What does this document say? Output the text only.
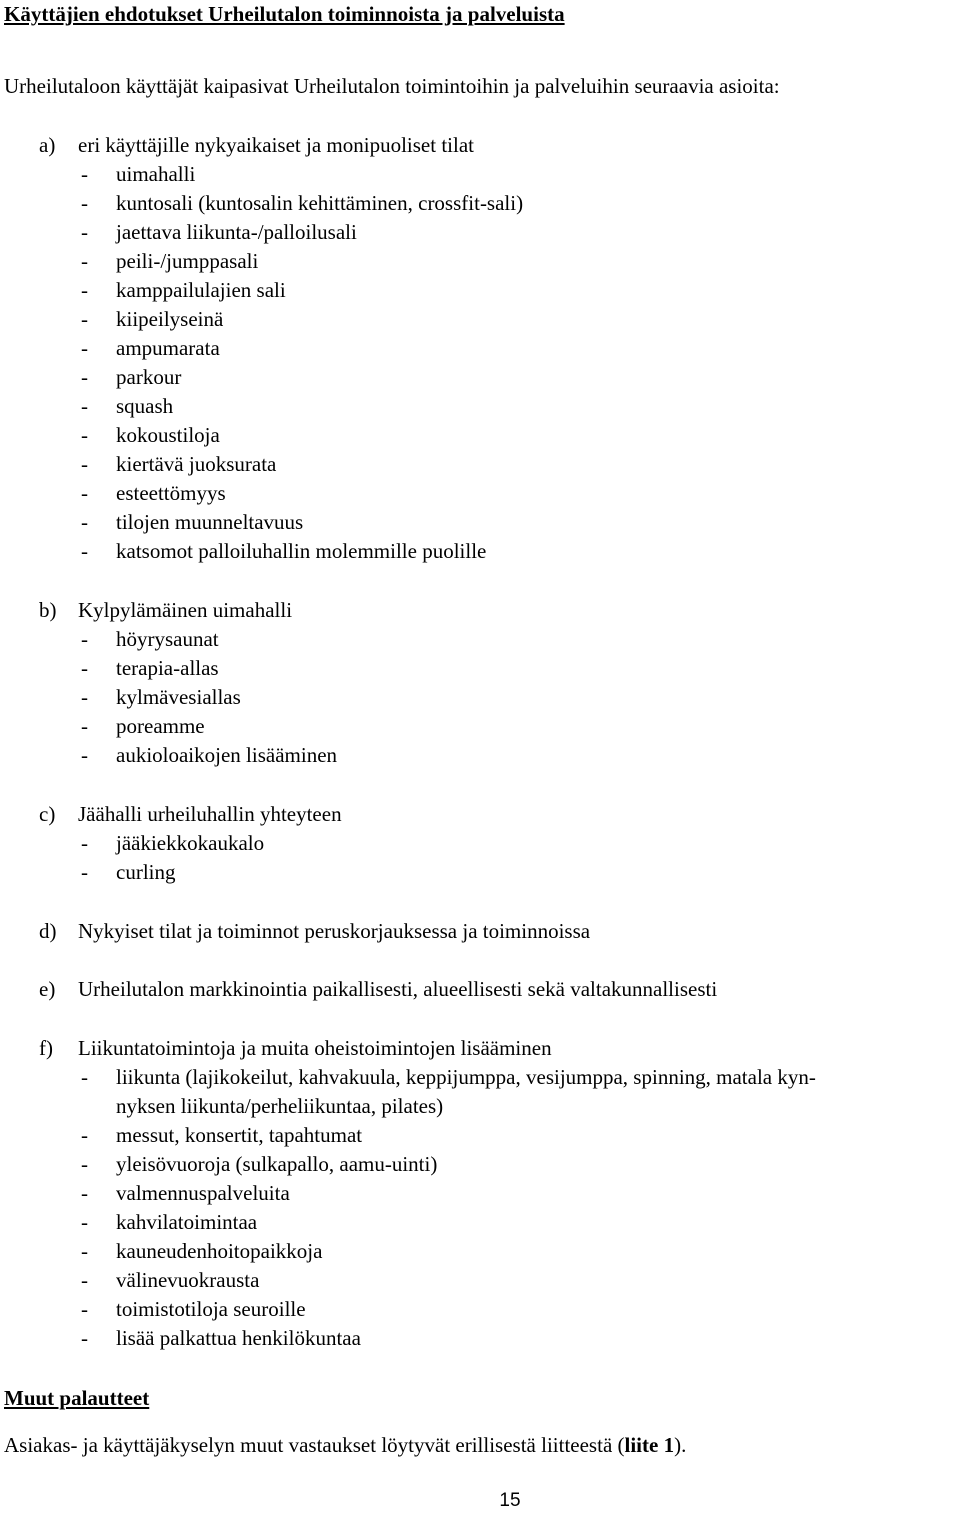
Käyttäjien ehdotukset Urheilutalon toiminnoista ja palveluista
Urheilutaloon käyttäjät kaipasivat Urheilutalon toimintoihin ja palveluihin seuraavia asioita:
a) eri käyttäjille nykyaikaiset ja monipuoliset tilat
- uimahalli
- kuntosali (kuntosalin kehittäminen, crossfit-sali)
- jaettava liikunta-/palloilusali
- peili-/jumppasali
- kamppailulajien sali
- kiipeilyseinä
- ampumarata
- parkour
- squash
- kokoustiloja
- kiertävä juoksurata
- esteettömyys
- tilojen muunneltavuus
- katsomot palloiluhallin molemmille puolille
b) Kylpylämäinen uimahalli
- höyrysaunat
- terapia-allas
- kylmävesiallas
- poreamme
- aukioloaikojen lisääminen
c) Jäähalli urheiluhallin yhteyteen
- jääkiekkokaukalo
- curling
d) Nykyiset tilat ja toiminnot peruskorjauksessa ja toiminnoissa
e) Urheilutalon markkinointia paikallisesti, alueellisesti sekä valtakunnallisesti
f) Liikuntatoimintoja ja muita oheistoimintojen lisääminen
- liikunta (lajikokeilut, kahvakuula, keppijumppa, vesijumppa, spinning, matala kyn-
nyksen liikunta/perheliikuntaa, pilates)
- messut, konsertit, tapahtumat
- yleisövuoroja (sulkapallo, aamu-uinti)
- valmennuspalveluita
- kahvilatoimintaa
- kauneudenhoitopaikkoja
- välinevuokrausta
- toimistotiloja seuroille
- lisää palkattua henkilökuntaa
Muut palautteet
Asiakas- ja käyttäjäkyselyn muut vastaukset löytyvät erillisestä liitteestä (liite 1).
15
